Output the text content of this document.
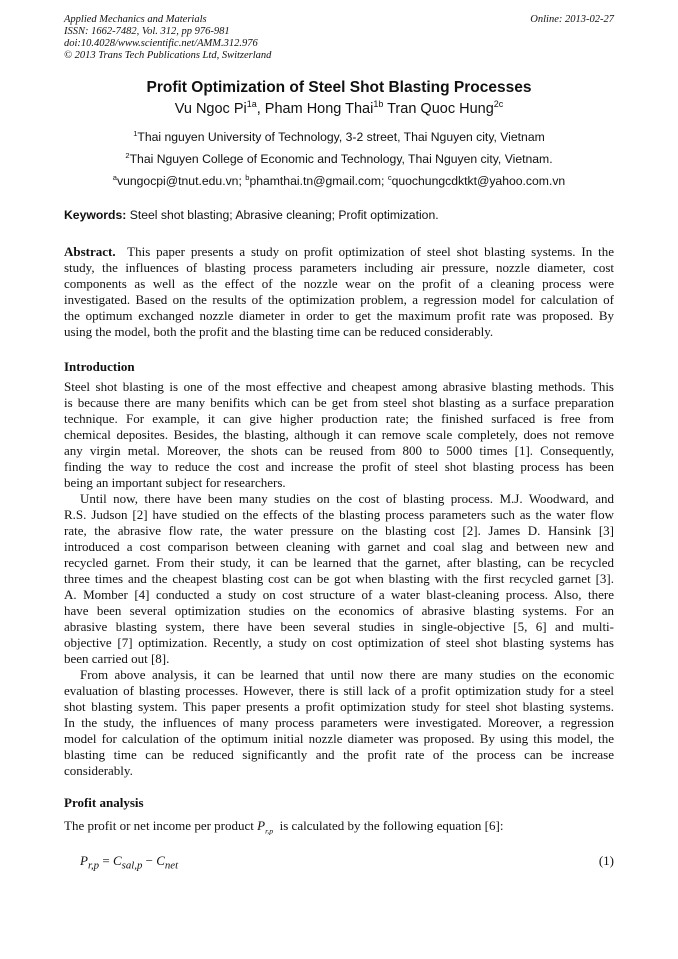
Applied Mechanics and Materials
ISSN: 1662-7482, Vol. 312, pp 976-981
doi:10.4028/www.scientific.net/AMM.312.976
© 2013 Trans Tech Publications Ltd, Switzerland
Online: 2013-02-27
Profit Optimization of Steel Shot Blasting Processes
Vu Ngoc $Pi^{1a}$, Pham Hong Thai$^{1b}$ Tran Quoc Hung$^{2c}$
$^1$Thai nguyen University of Technology, 3-2 street, Thai Nguyen city, Vietnam
$^2$Thai Nguyen College of Economic and Technology, Thai Nguyen city, Vietnam.
$^a$vungocpi@tnut.edu.vn; $^b$phamthai.tn@gmail.com; $^c$quochungcdktkt@yahoo.com.vn
Keywords: Steel shot blasting; Abrasive cleaning; Profit optimization.
Abstract.  This paper presents a study on profit optimization of steel shot blasting systems. In the
study, the influences of blasting process parameters including air pressure, nozzle diameter, cost
components as well as the effect of the nozzle wear on the profit of a cleaning process were
investigated. Based on the results of the optimization problem, a regression model for calculation of
the optimum exchanged nozzle diameter in order to get the maximum profit rate was proposed. By
using the model, both the profit and the blasting time can be reduced considerably.
Introduction
Steel shot blasting is one of the most effective and cheapest among abrasive blasting methods. This
is because there are many benifits which can be get from steel shot blasting as a surface preparation
technique. For example, it can give higher production rate; the finished surfaced is free from
chemical deposites. Besides, the blasting, although it can remove scale completely, does not remove
any virgin metal. Moreover, the shots can be reused from 800 to 5000 times [1]. Consequently,
finding the way to reduce the cost and increase the profit of steel shot blasting process has been
being an important subject for researchers.
Until now, there have been many studies on the cost of blasting process. M.J. Woodward, and
R.S. Judson [2] have studied on the effects of the blasting process parameters such as the water flow
rate, the abrasive flow rate, the water pressure on the blasting cost [2]. James D. Hansink [3]
introduced a cost comparison between cleaning with garnet and coal slag and between new and
recycled garnet. From their study, it can be learned that the garnet, after blasting, can be recycled
three times and the cheapest blasting cost can be got when blasting with the first recycled garnet [3].
A. Momber [4] conducted a study on cost structure of a water blast-cleaning process. Also, there
have been several optimization studies on the economics of abrasive blasting systems. For an
abrasive blasting system, there have been several studies in single-objective [5, 6] and multi-
objective [7] optimization. Recently, a study on cost optimization of steel shot blasting systems has
been carried out [8].
From above analysis, it can be learned that until now there are many studies on the economic
evaluation of blasting processes. However, there is still lack of a profit optimization study for a steel
shot blasting system. This paper presents a profit optimization study for steel shot blasting systems.
In the study, the influences of many process parameters were investigated. Moreover, a regression
model for calculation of the optimum initial nozzle diameter was proposed. By using this model, the
blasting time can be reduced significantly and the profit rate of the process can be increase
considerably.
Profit analysis
The profit or net income per product $P_{r,p}$  is calculated by the following equation [6]:
$P_{r,p} = C_{sal,p} - C_{net}$	(1)
